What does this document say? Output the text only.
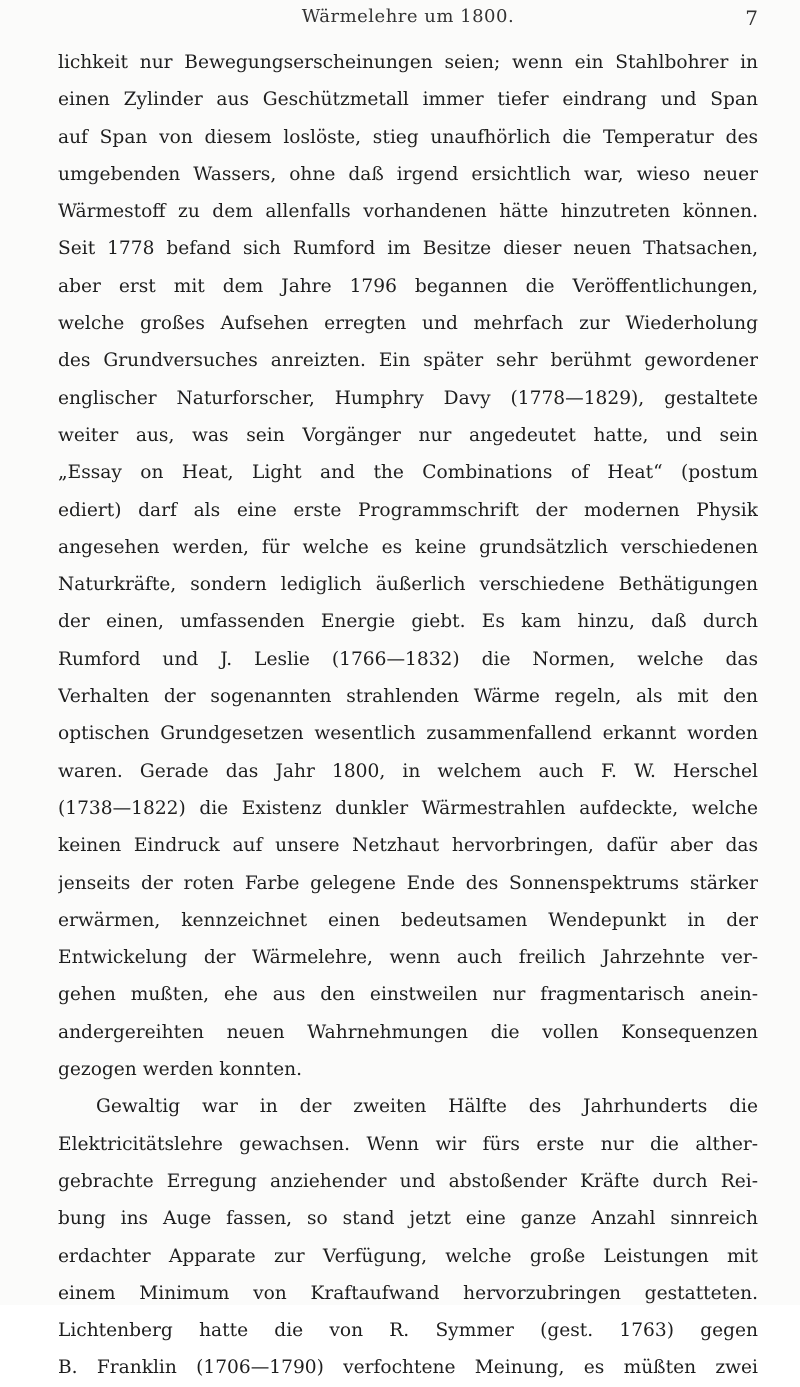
Wärmelehre um 1800.	7
lichkeit nur Bewegungserscheinungen seien; wenn ein Stahlbohrer in
einen Zylinder aus Geschützmetall immer tiefer eindrang und Span
auf Span von diesem loslöste, stieg unaufhörlich die Temperatur des
umgebenden Wassers, ohne daß irgend ersichtlich war, wieso neuer
Wärmestoff zu dem allenfalls vorhandenen hätte hinzutreten können.
Seit 1778 befand sich Rumford im Besitze dieser neuen Thatsachen,
aber erst mit dem Jahre 1796 begannen die Veröffentlichungen,
welche großes Aufsehen erregten und mehrfach zur Wiederholung
des Grundversuches anreizten. Ein später sehr berühmt gewordener
englischer Naturforscher, Humphry Davy (1778—1829), gestaltete
weiter aus, was sein Vorgänger nur angedeutet hatte, und sein
„Essay on Heat, Light and the Combinations of Heat“ (postum
ediert) darf als eine erste Programmschrift der modernen Physik
angesehen werden, für welche es keine grundsätzlich verschiedenen
Naturkräfte, sondern lediglich äußerlich verschiedene Bethätigungen
der einen, umfassenden Energie giebt. Es kam hinzu, daß durch
Rumford und J. Leslie (1766—1832) die Normen, welche das
Verhalten der sogenannten strahlenden Wärme regeln, als mit den
optischen Grundgesetzen wesentlich zusammenfallend erkannt worden
waren. Gerade das Jahr 1800, in welchem auch F. W. Herschel
(1738—1822) die Existenz dunkler Wärmestrahlen aufdeckte, welche
keinen Eindruck auf unsere Netzhaut hervorbringen, dafür aber das
jenseits der roten Farbe gelegene Ende des Sonnenspektrums stärker
erwärmen, kennzeichnet einen bedeutsamen Wendepunkt in der
Entwickelung der Wärmelehre, wenn auch freilich Jahrzehnte ver-
gehen mußten, ehe aus den einstweilen nur fragmentarisch anein-
andergereihten neuen Wahrnehmungen die vollen Konsequenzen
gezogen werden konnten.
Gewaltig war in der zweiten Hälfte des Jahrhunderts die
Elektricitätslehre gewachsen. Wenn wir fürs erste nur die alther-
gebrachte Erregung anziehender und abstoßender Kräfte durch Rei-
bung ins Auge fassen, so stand jetzt eine ganze Anzahl sinnreich
erdachter Apparate zur Verfügung, welche große Leistungen mit
einem Minimum von Kraftaufwand hervorzubringen gestatteten.
Lichtenberg hatte die von R. Symmer (gest. 1763) gegen
B. Franklin (1706—1790) verfochtene Meinung, es müßten zwei
